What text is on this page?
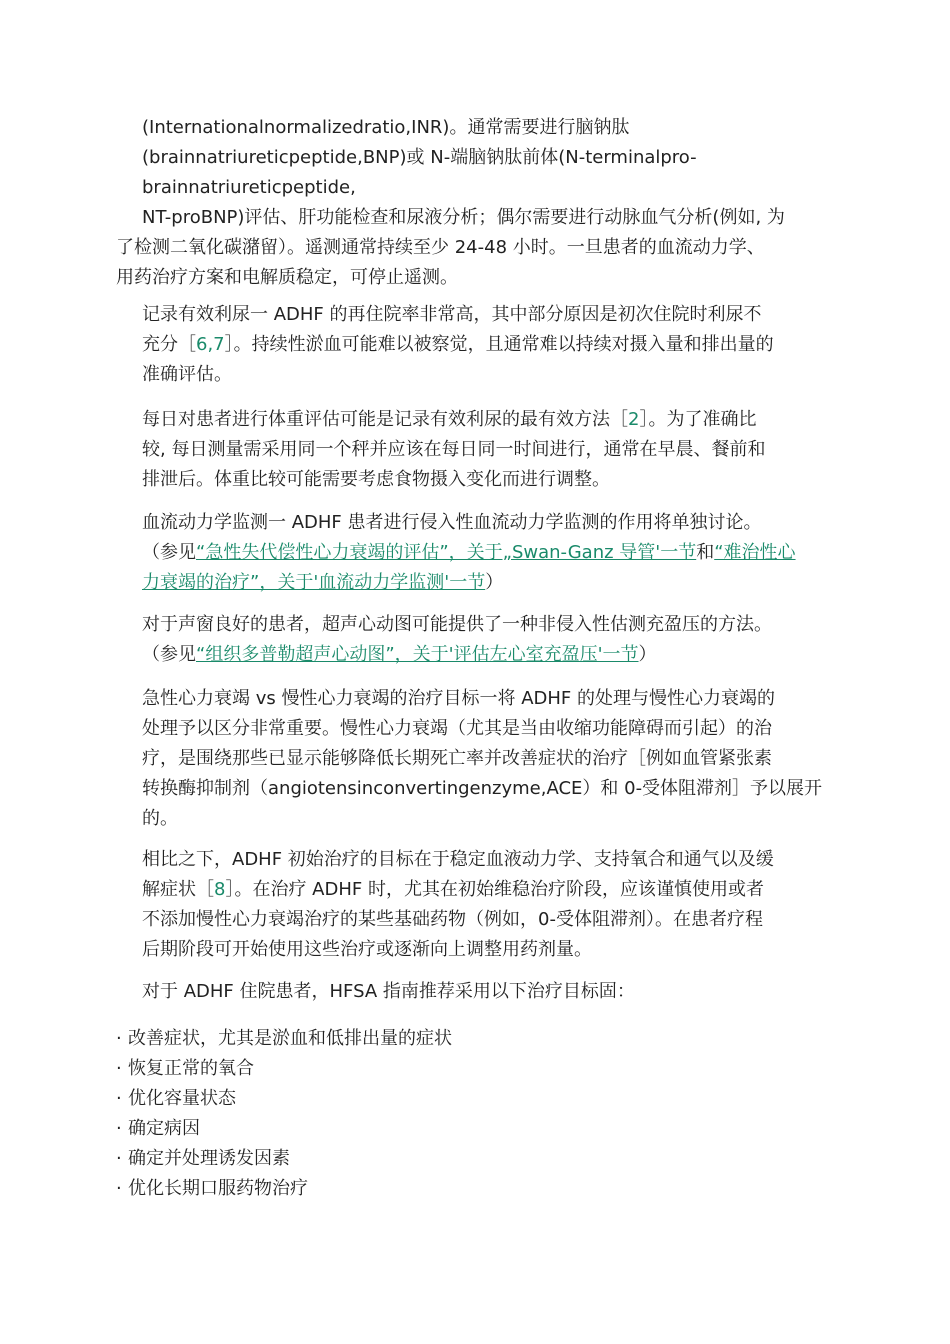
(Internationalnormalizedratio,INR)。通常需要进行脑钠肽
(brainnatriureticpeptide,BNP)或 N-端脑钠肽前体(N-terminalpro-
brainnatriureticpeptide,
NT-proBNP)评估、肝功能检查和尿液分析；偶尔需要进行动脉血气分析(例如, 为
了检测二氧化碳潴留）。遥测通常持续至少 24-48 小时。一旦患者的血流动力学、
用药治疗方案和电解质稳定，可停止遥测。
记录有效利尿一 ADHF 的再住院率非常高，其中部分原因是初次住院时利尿不
充分［6,7］。持续性淤血可能难以被察觉，且通常难以持续对摄入量和排出量的
准确评估。
每日对患者进行体重评估可能是记录有效利尿的最有效方法［2］。为了准确比
较, 每日测量需采用同一个秤并应该在每日同一时间进行，通常在早晨、餐前和
排泄后。体重比较可能需要考虑食物摄入变化而进行调整。
血流动力学监测一 ADHF 患者进行侵入性血流动力学监测的作用将单独讨论。
（参见“急性失代偿性心力衰竭的评估”，关于„Swan-Ganz 导管'一节和“难治性心
力衰竭的治疗”，关于'血流动力学监测'一节）
对于声窗良好的患者，超声心动图可能提供了一种非侵入性估测充盈压的方法。
（参见“组织多普勒超声心动图”，关于'评估左心室充盈压'一节）
急性心力衰竭 vs 慢性心力衰竭的治疗目标一将 ADHF 的处理与慢性心力衰竭的
处理予以区分非常重要。慢性心力衰竭（尤其是当由收缩功能障碍而引起）的治
疗，是围绕那些已显示能够降低长期死亡率并改善症状的治疗［例如血管紧张素
转换酶抑制剂（angiotensinconvertingenzyme,ACE）和 0-受体阻滞剂］予以展开
的。
相比之下，ADHF 初始治疗的目标在于稳定血液动力学、支持氧合和通气以及缓
解症状［8］。在治疗 ADHF 时，尤其在初始维稳治疗阶段，应该谨慎使用或者
不添加慢性心力衰竭治疗的某些基础药物（例如，0-受体阻滞剂）。在患者疗程
后期阶段可开始使用这些治疗或逐渐向上调整用药剂量。
对于 ADHF 住院患者，HFSA 指南推荐采用以下治疗目标固：
· 改善症状，尤其是淤血和低排出量的症状
· 恢复正常的氧合
· 优化容量状态
· 确定病因
· 确定并处理诱发因素
· 优化长期口服药物治疗
